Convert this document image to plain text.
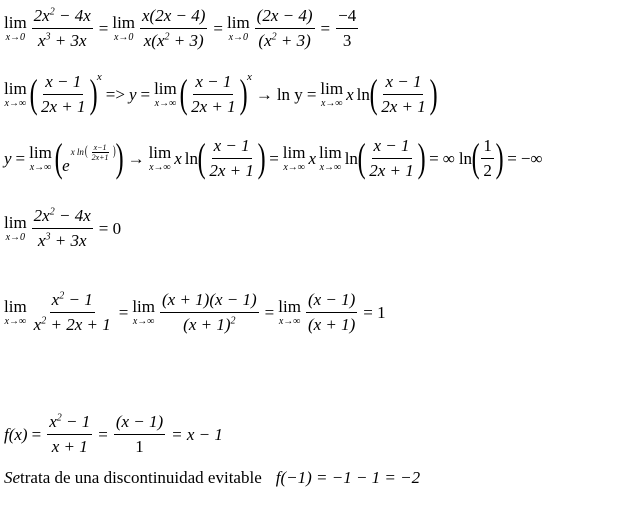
lim
$x\to 0 \frac{2x^2 - 4x}{x^3 + 3x} = \lim$
$x\to 0 \frac{x(2x - 4)}{x(x^2 + 3)} = \lim$
$x\to 0 \frac{(2x - 4)}{(x^2 + 3)} = \frac{-4}{3}$
lim
x→∞ ( $\frac{x - 1}{2x + 1}$ ) x
=> y = lim
x→∞ ( $\frac{x - 1}{2x + 1}$ ) x
→ ln y = lim
x→∞ x ln ( $\frac{x - 1}{2x + 1}$ )
y = lim
x→∞ ( e
x ln ( $\frac{x-1}{2x+1}$ ) ) → lim
x→∞ x ln ( $\frac{x - 1}{2x + 1}$ ) = lim
x→∞ x lim
x→∞ ln ( $\frac{x - 1}{2x + 1}$ ) = ∞ ln ( $\frac{1}{2}$ ) = −∞
lim
$x\to 0 \frac{2x^2 - 4x}{x^3 + 3x} = 0$
lim
$x\to\infty \frac{x^2 - 1}{x^2 + 2x + 1} = \lim$
$x\to\infty \frac{(x + 1)(x - 1)}{(x + 1)^2} = \lim$
$x\to\infty \frac{(x - 1)}{(x + 1)} = 1$
$f(x) = \frac{x^2 - 1}{x + 1} = \frac{(x - 1)}{1} = x - 1$
Se trata de una discontinuidad evitable f(−1) = −1 − 1 = −2
